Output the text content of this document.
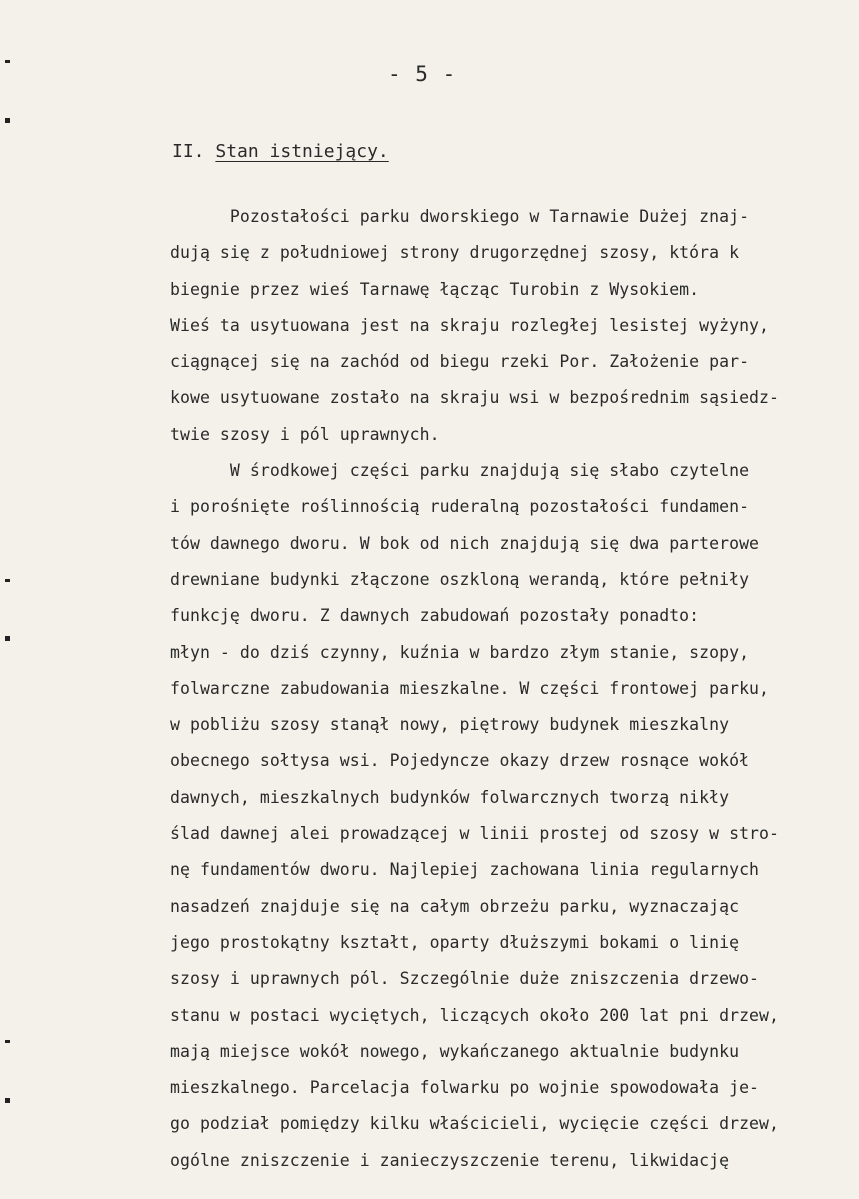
- 5 -
II. Stan istniejący.
Pozostałości parku dworskiego w Tarnawie Dużej znaj-
dują się z południowej strony drugorzędnej szosy, która k
biegnie przez wieś Tarnawę łącząc Turobin z Wysokiem.
Wieś ta usytuowana jest na skraju rozległej lesistej wyżyny,
ciągnącej się na zachód od biegu rzeki Por. Założenie par-
kowe usytuowane zostało na skraju wsi w bezpośrednim sąsiedz-
twie szosy i pól uprawnych.
W środkowej części parku znajdują się słabo czytelne
i porośnięte roślinnością ruderalną pozostałości fundamen-
tów dawnego dworu. W bok od nich znajdują się dwa parterowe
drewniane budynki złączone oszkloną werandą, które pełniły
funkcję dworu. Z dawnych zabudowań pozostały ponadto:
młyn - do dziś czynny, kuźnia w bardzo złym stanie, szopy,
folwarczne zabudowania mieszkalne. W części frontowej parku,
w pobliżu szosy stanął nowy, piętrowy budynek mieszkalny
obecnego sołtysa wsi. Pojedyncze okazy drzew rosnące wokół
dawnych, mieszkalnych budynków folwarcznych tworzą nikły
ślad dawnej alei prowadzącej w linii prostej od szosy w stro-
nę fundamentów dworu. Najlepiej zachowana linia regularnych
nasadzeń znajduje się na całym obrzeżu parku, wyznaczając
jego prostokątny kształt, oparty dłuższymi bokami o linię
szosy i uprawnych pól. Szczególnie duże zniszczenia drzewo-
stanu w postaci wyciętych, liczących około 200 lat pni drzew,
mają miejsce wokół nowego, wykańczanego aktualnie budynku
mieszkalnego. Parcelacja folwarku po wojnie spowodowała je-
go podział pomiędzy kilku właścicieli, wycięcie części drzew,
ogólne zniszczenie i zanieczyszczenie terenu, likwidację
